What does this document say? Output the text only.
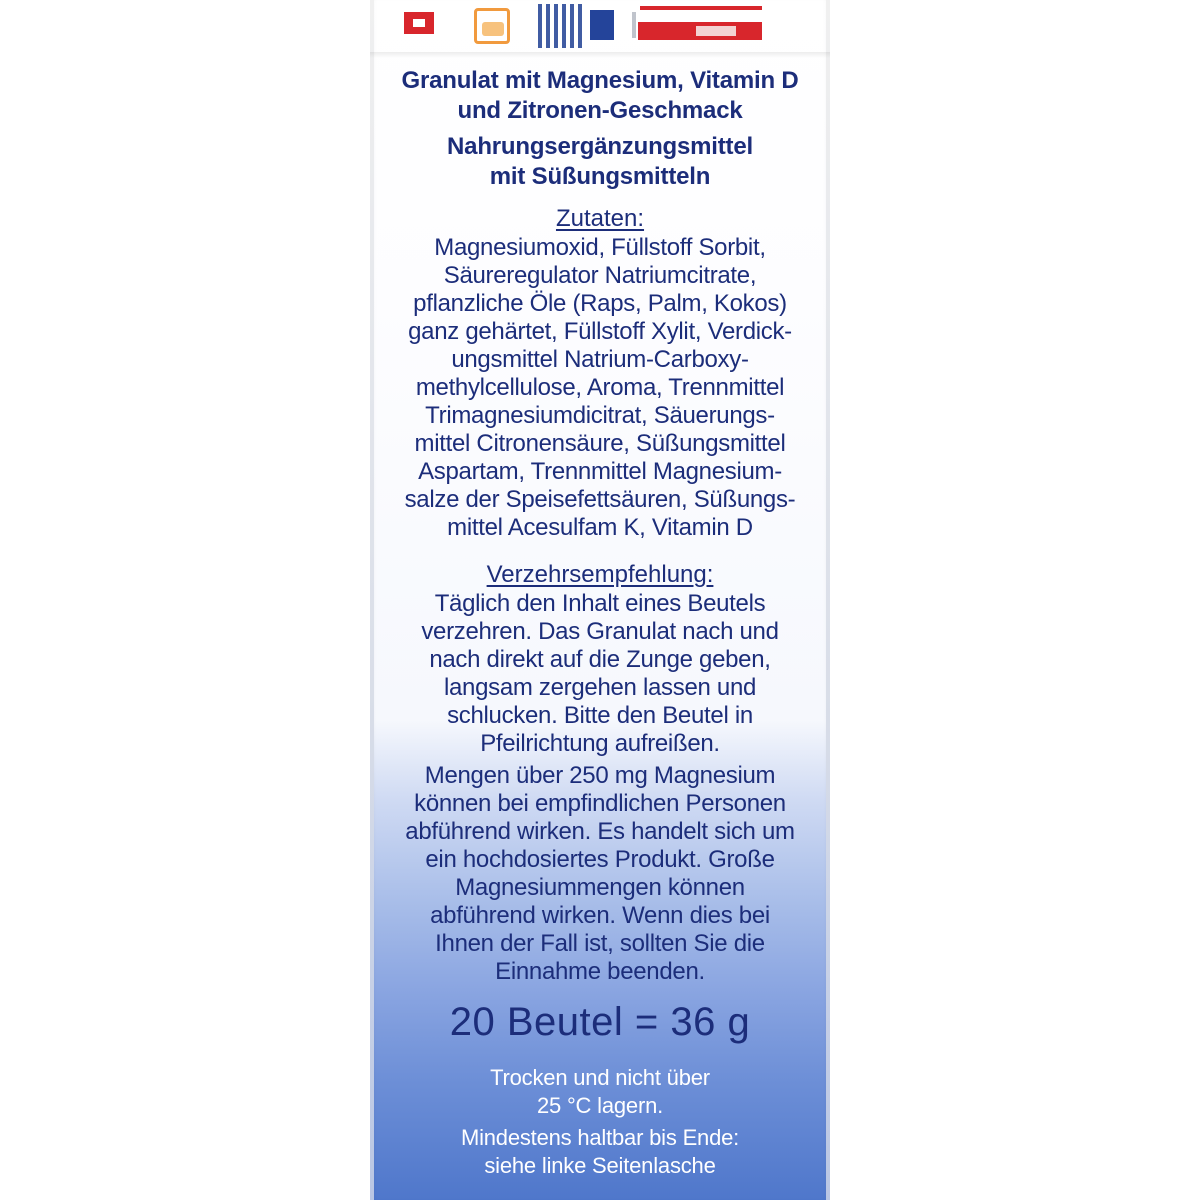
Granulat mit Magnesium, Vitamin D
und Zitronen-Geschmack
Nahrungsergänzungsmittel
mit Süßungsmitteln
Zutaten:
Magnesiumoxid, Füllstoff Sorbit,
Säureregulator Natriumcitrate,
pflanzliche Öle (Raps, Palm, Kokos)
ganz gehärtet, Füllstoff Xylit, Verdick-
ungsmittel Natrium-Carboxy-
methylcellulose, Aroma, Trennmittel
Trimagnesiumdicitrat, Säuerungs-
mittel Citronensäure, Süßungsmittel
Aspartam, Trennmittel Magnesium-
salze der Speisefettsäuren, Süßungs-
mittel Acesulfam K, Vitamin D
Verzehrsempfehlung:
Täglich den Inhalt eines Beutels
verzehren. Das Granulat nach und
nach direkt auf die Zunge geben,
langsam zergehen lassen und
schlucken. Bitte den Beutel in
Pfeilrichtung aufreißen.
Mengen über 250 mg Magnesium
können bei empfindlichen Personen
abführend wirken. Es handelt sich um
ein hochdosiertes Produkt. Große
Magnesiummengen können
abführend wirken. Wenn dies bei
Ihnen der Fall ist, sollten Sie die
Einnahme beenden.
20 Beutel = 36 g
Trocken und nicht über
25 °C lagern.
Mindestens haltbar bis Ende:
siehe linke Seitenlasche
